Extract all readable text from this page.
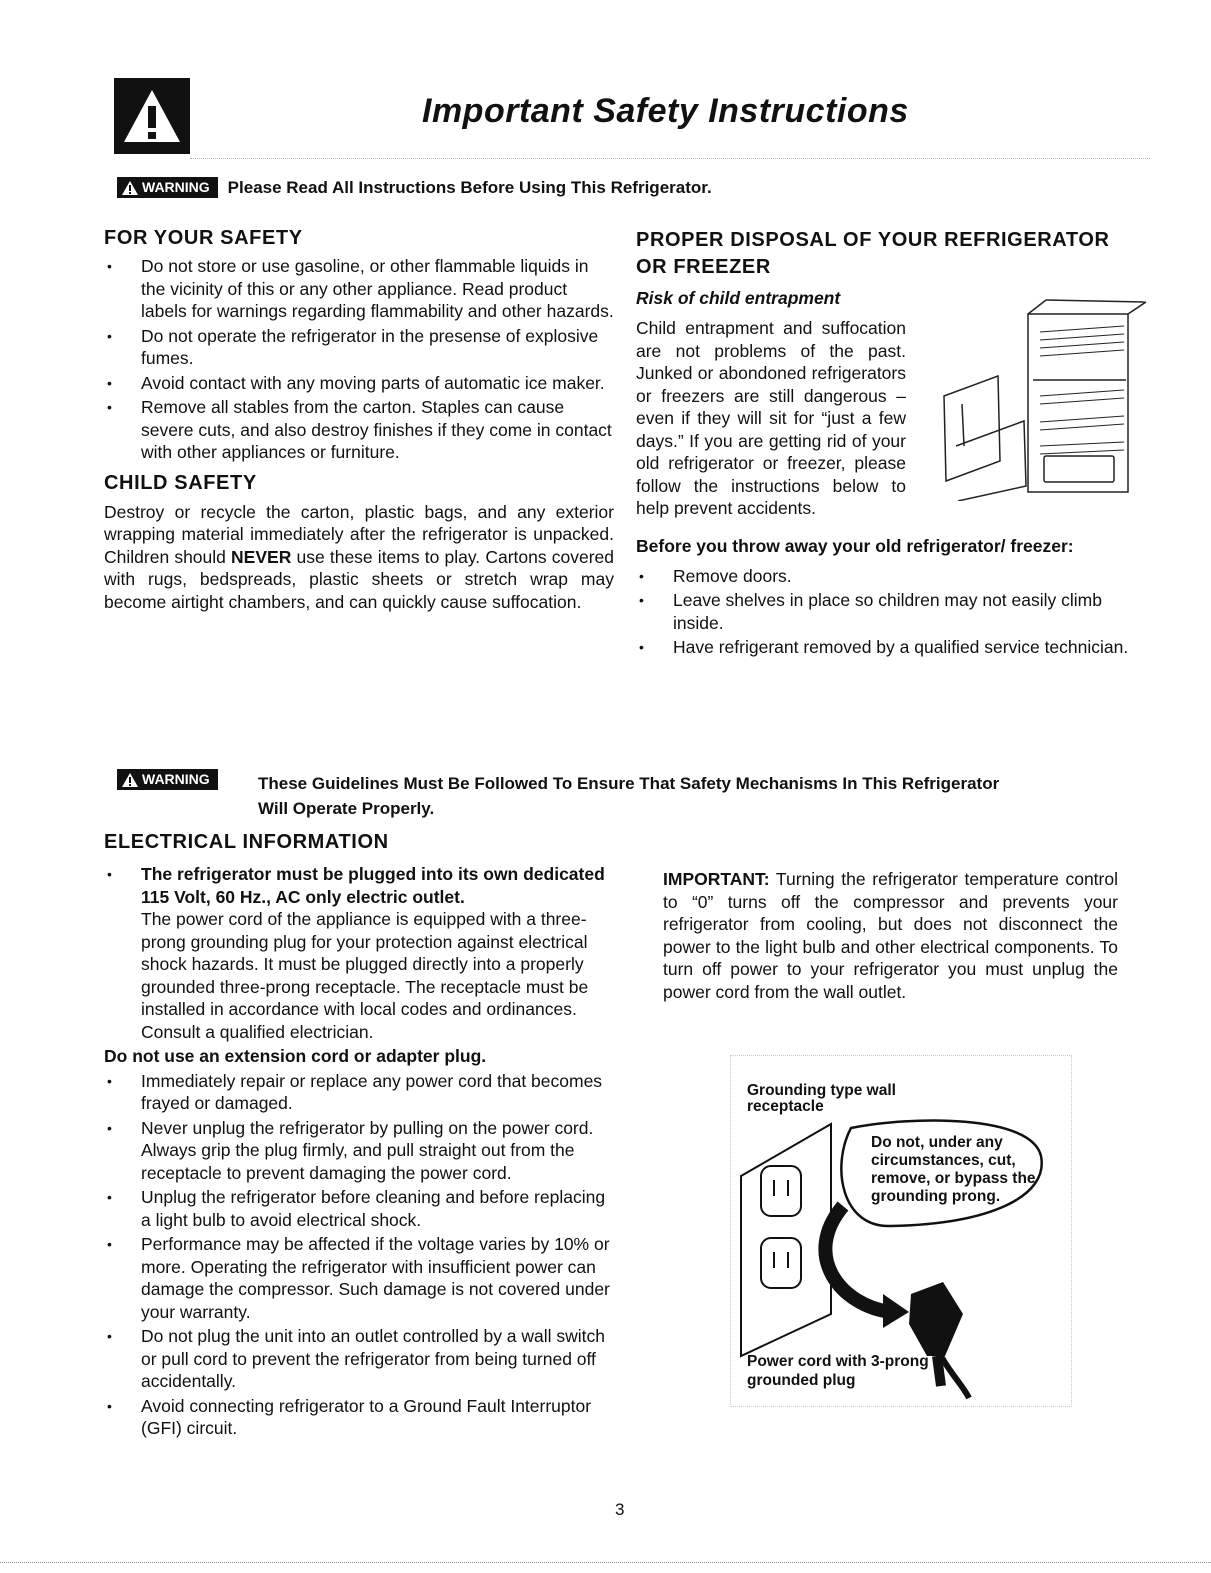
Important Safety Instructions
WARNING Please Read All Instructions Before Using This Refrigerator.
FOR YOUR SAFETY
• Do not store or use gasoline, or other flammable liquids in the vicinity of this or any other appliance. Read product labels for warnings regarding flammability and other hazards.
• Do not operate the refrigerator in the presense of explosive fumes.
• Avoid contact with any moving parts of automatic ice maker.
• Remove all stables from the carton. Staples can cause severe cuts, and also destroy finishes if they come in contact with other appliances or furniture.
CHILD SAFETY

Destroy or recycle the carton, plastic bags, and any exterior wrapping material immediately after the refrigerator is unpacked. Children should NEVER use these items to play. Cartons covered with rugs, bedspreads, plastic sheets or stretch wrap may become airtight chambers, and can quickly cause suffocation.

PROPER DISPOSAL OF YOUR REFRIGERATOR OR FREEZER
Risk of child entrapment

Child entrapment and suffocation are not problems of the past. Junked or abondoned refrigerators or freezers are still dangerous – even if they will sit for “just a few days.” If you are getting rid of your old refrigerator or freezer, please follow the instructions below to help prevent accidents.

Before you throw away your old refrigerator/ freezer:
• Remove doors.
• Leave shelves in place so children may not easily climb inside.
• Have refrigerant removed by a qualified service technician.
WARNING	These Guidelines Must Be Followed To Ensure That Safety Mechanisms In This Refrigerator
Will Operate Properly.
ELECTRICAL INFORMATION
• The refrigerator must be plugged into its own dedicated 115 Volt, 60 Hz., AC only electric outlet.
The power cord of the appliance is equipped with a three-prong grounding plug for your protection against electrical shock hazards. It must be plugged directly into a properly grounded three-prong receptacle. The receptacle must be installed in accordance with local codes and ordinances. Consult a qualified electrician.
Do not use an extension cord or adapter plug.
• Immediately repair or replace any power cord that becomes frayed or damaged.
• Never unplug the refrigerator by pulling on the power cord. Always grip the plug firmly, and pull straight out from the receptacle to prevent damaging the power cord.
• Unplug the refrigerator before cleaning and before replacing a light bulb to avoid electrical shock.
• Performance may be affected if the voltage varies by 10% or more. Operating the refrigerator with insufficient power can damage the compressor. Such damage is not covered under your warranty.
• Do not plug the unit into an outlet controlled by a wall switch or pull cord to prevent the refrigerator from being turned off accidentally.
• Avoid connecting refrigerator to a Ground Fault Interruptor (GFI) circuit.
IMPORTANT: Turning the refrigerator temperature control to “0” turns off the compressor and prevents your refrigerator from cooling, but does not disconnect the power to the light bulb and other electrical components. To turn off power to your refrigerator you must unplug the power cord from the wall outlet.
Grounding type wall receptacle
Do not, under any circumstances, cut, remove, or bypass the grounding prong.
Power cord with 3-prong grounded plug
3
